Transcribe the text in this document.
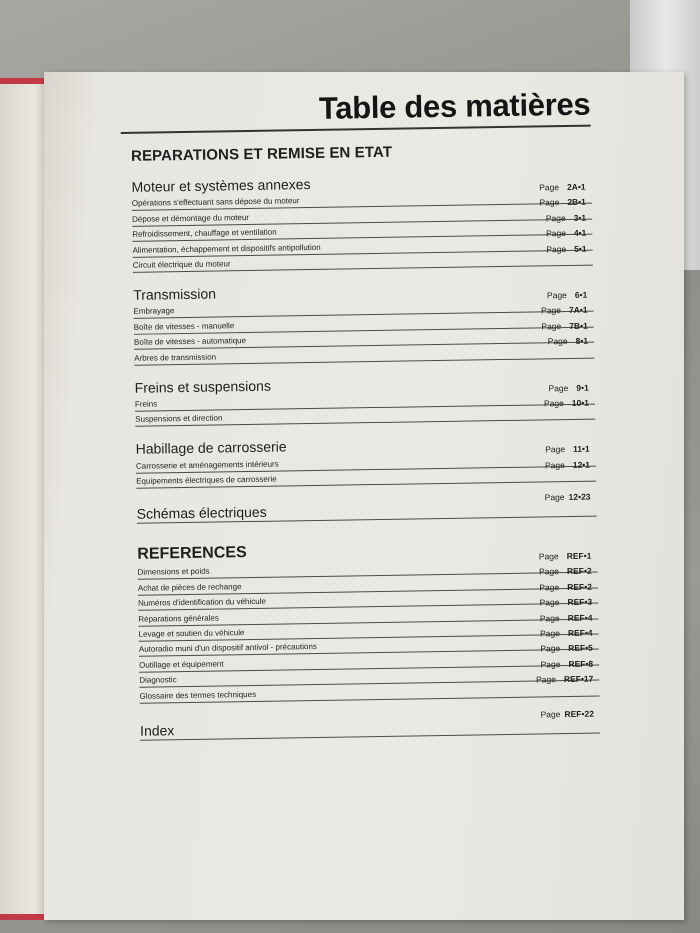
Table des matières
REPARATIONS ET REMISE EN ETAT
Moteur et systèmes annexes
Opérations s'effectuant sans dépose du moteur
Page 2A•1
Dépose et démontage du moteur
Page 2B•1
Refroidissement, chauffage et ventilation
Page 3•1
Alimentation, échappement et dispositifs antipollution
Page 4•1
Circuit électrique du moteur
Page 5•1
Transmission
Embrayage
Page 6•1
Boîte de vitesses - manuelle
Page 7A•1
Boîte de vitesses - automatique
Page 7B•1
Arbres de transmission
Page 8•1
Freins et suspensions
Freins
Page 9•1
Suspensions et direction
Page 10•1
Habillage de carrosserie
Carrosserie et aménagements intérieurs
Page 11•1
Equipements électriques de carrosserie
Page 12•1
Schémas électriques
Page 12•23
REFERENCES
Dimensions et poids
Page REF•1
Achat de pièces de rechange
Page REF•2
Numéros d'identification du véhicule
Page REF•2
Réparations générales
Page REF•3
Levage et soutien du véhicule
Page REF•4
Autoradio muni d'un dispositif antivol - précautions
Page REF•4
Outillage et équipement
Page REF•5
Diagnostic
Page REF•8
Glossaire des termes techniques
Page REF•17
Index
Page REF•22
